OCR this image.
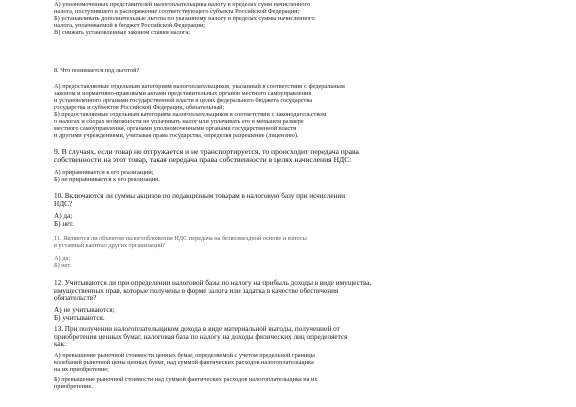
А) уполномоченных представителей налогоплательщика налогу в пределах сумм начисленного

налога, поступившего в распоряжение соответствующего субъекта Российской Федерации;

Б) устанавливать дополнительные льготы по указанному налогу в пределах суммы начисленного

налога, уплачиваемой в бюджет Российской Федерации;

В) снижать установленные законом ставки налога;

8. Что понимается под льготой?

А) предоставляемые отдельным категориям налогоплательщиков, указанный в соответствии с федеральным

законом и нормативно-правовыми актами представительных органов местного самоуправления

и установленного органами государственной власти в целях федерального бюджета государства

государства и субъектов Российской Федерации, обязательный;

Б) предоставляемые отдельным категориям налогоплательщиков в соответствии с законодательством

о налогах и сборах возможности не уплачивать налог или уплачивать его в меньшем размере

местного самоуправления, органами уполномоченными органами государственной власти

и другими учреждениями, учитывая права государства, определяя разрешение (лицензию).

9. В случаях, если товар не отгружается и не транспортируется, то происходит передача права

собственности на этот товар, такая передача права собственности в целях начисления НДС:

А) приравнивается к его реализации;

Б) не приравнивается к его реализации.

10. Включаются ли суммы акцизов по подакцизным товарам в налоговую базу при исчислении

НДС?

А) да;

Б) нет.

11. Являются ли объектом налогообложения НДС передача на безвозмездной основе и взносы

в уставный капитал других организаций?

А) да;

Б) нет.

12. Учитываются ли при определении налоговой базы по налогу на прибыль доходы в виде имущества,

имущественных прав, которые получены в форме залога или задатка в качестве обеспечения

обязательств?

А) не учитываются;

Б) учитываются.

13. При получении налогоплательщиком дохода в виде материальной выгоды, полученной от

приобретения ценных бумаг, налоговая база по налогу на доходы физических лиц определяется

как:

А) превышение рыночной стоимости ценных бумаг, определяемой с учетом предельной границы

колебаний рыночной цены ценных бумаг, над суммой фактических расходов налогоплательщика

на их приобретение;

Б) превышение рыночной стоимости над суммой фактических расходов налогоплательщика на их

приобретение.
